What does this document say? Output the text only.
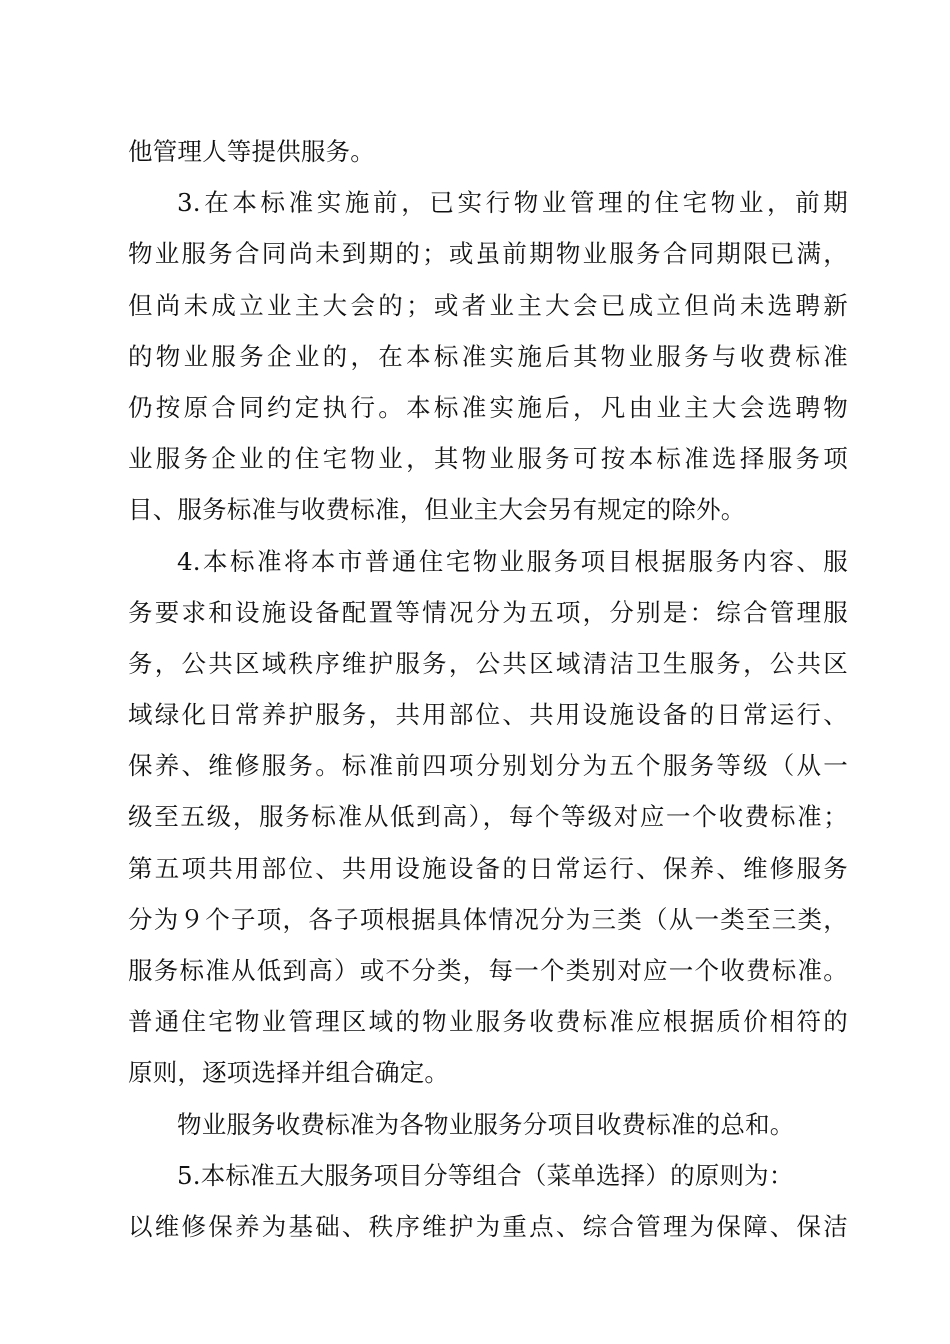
他管理人等提供服务。
3.在本标准实施前，已实行物业管理的住宅物业，前期
物业服务合同尚未到期的；或虽前期物业服务合同期限已满，
但尚未成立业主大会的；或者业主大会已成立但尚未选聘新
的物业服务企业的，在本标准实施后其物业服务与收费标准
仍按原合同约定执行。本标准实施后，凡由业主大会选聘物
业服务企业的住宅物业，其物业服务可按本标准选择服务项
目、服务标准与收费标准，但业主大会另有规定的除外。
4.本标准将本市普通住宅物业服务项目根据服务内容、服
务要求和设施设备配置等情况分为五项，分别是：综合管理服
务，公共区域秩序维护服务，公共区域清洁卫生服务，公共区
域绿化日常养护服务，共用部位、共用设施设备的日常运行、
保养、维修服务。标准前四项分别划分为五个服务等级（从一
级至五级，服务标准从低到高），每个等级对应一个收费标准；
第五项共用部位、共用设施设备的日常运行、保养、维修服务
分为９个子项，各子项根据具体情况分为三类（从一类至三类，
服务标准从低到高）或不分类，每一个类别对应一个收费标准。
普通住宅物业管理区域的物业服务收费标准应根据质价相符的
原则，逐项选择并组合确定。
物业服务收费标准为各物业服务分项目收费标准的总和。
5.本标准五大服务项目分等组合（菜单选择）的原则为：
以维修保养为基础、秩序维护为重点、综合管理为保障、保洁
